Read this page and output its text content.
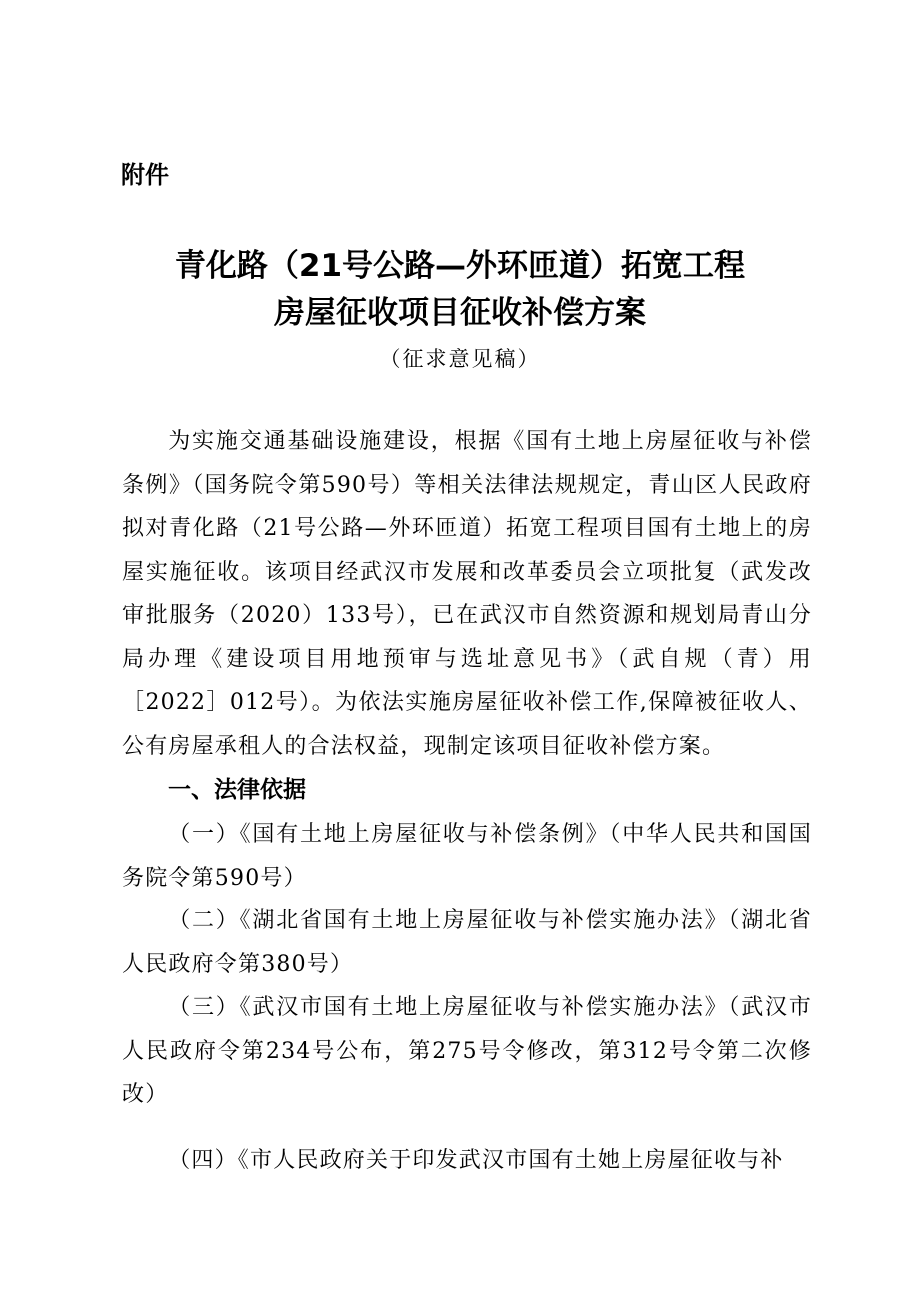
附件

青化路（21号公路—外环匝道）拓宽工程
房屋征收项目征收补偿方案

（征求意见稿）

为实施交通基础设施建设，根据《国有土地上房屋征收与补偿条例》（国务院令第590号）等相关法律法规规定，青山区人民政府拟对青化路（21号公路—外环匝道）拓宽工程项目国有土地上的房屋实施征收。该项目经武汉市发展和改革委员会立项批复（武发改审批服务（2020）133号），已在武汉市自然资源和规划局青山分局办理《建设项目用地预审与选址意见书》（武自规（青）用［2022］012号）。为依法实施房屋征收补偿工作,保障被征收人、公有房屋承租人的合法权益，现制定该项目征收补偿方案。

一、法律依据

（一）《国有土地上房屋征收与补偿条例》（中华人民共和国国务院令第590号）

（二）《湖北省国有土地上房屋征收与补偿实施办法》（湖北省人民政府令第380号）

（三）《武汉市国有土地上房屋征收与补偿实施办法》（武汉市人民政府令第234号公布，第275号令修改，第312号令第二次修改）

（四）《市人民政府关于印发武汉市国有土她上房屋征收与补
